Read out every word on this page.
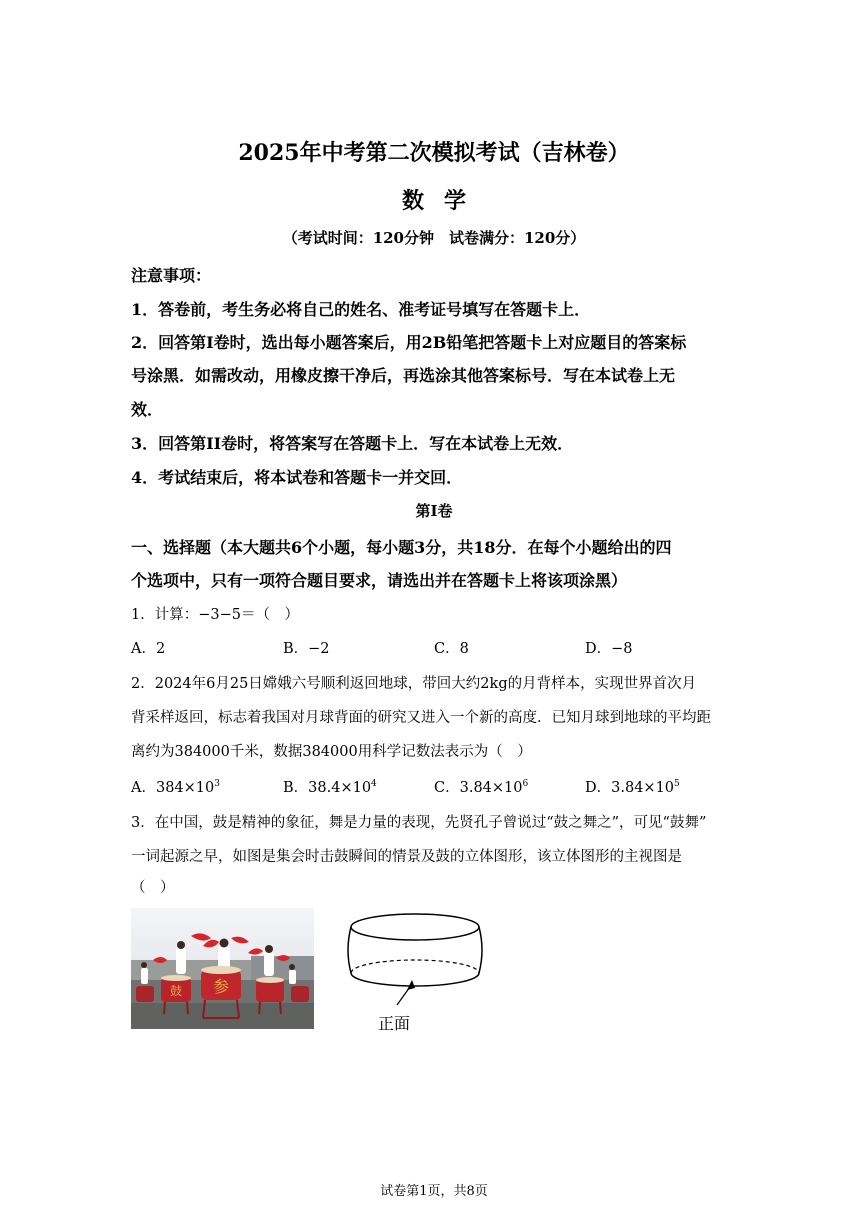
2025年中考第二次模拟考试（吉林卷）
数学
（考试时间：120分钟　试卷满分：120分）
注意事项：
1．答卷前，考生务必将自己的姓名、准考证号填写在答题卡上．
2．回答第Ⅰ卷时，选出每小题答案后，用2B铅笔把答题卡上对应题目的答案标
号涂黑．如需改动，用橡皮擦干净后，再选涂其他答案标号．写在本试卷上无
效．
3．回答第II卷时，将答案写在答题卡上．写在本试卷上无效．
4．考试结束后，将本试卷和答题卡一并交回．
第Ⅰ卷
一、选择题（本大题共6个小题，每小题3分，共18分．在每个小题给出的四
个选项中，只有一项符合题目要求，请选出并在答题卡上将该项涂黑）
1．计算：−3−5＝（　）
A．2	B．−2	C．8	D．−8
2．2024年6月25日嫦娥六号顺利返回地球，带回大约2kg的月背样本，实现世界首次月
背采样返回，标志着我国对月球背面的研究又进入一个新的高度．已知月球到地球的平均距
离约为384000千米，数据384000用科学记数法表示为（　）
A．$384\times 10^3$	B．$38.4\times 10^4$	C．$3.84\times 10^6$	D．$3.84\times 10^5$
3．在中国，鼓是精神的象征，舞是力量的表现，先贤孔子曾说过“鼓之舞之”，可见“鼓舞”
一词起源之早，如图是集会时击鼓瞬间的情景及鼓的立体图形，该立体图形的主视图是
（　）
参
鼓
正面
试卷第1页，共8页
